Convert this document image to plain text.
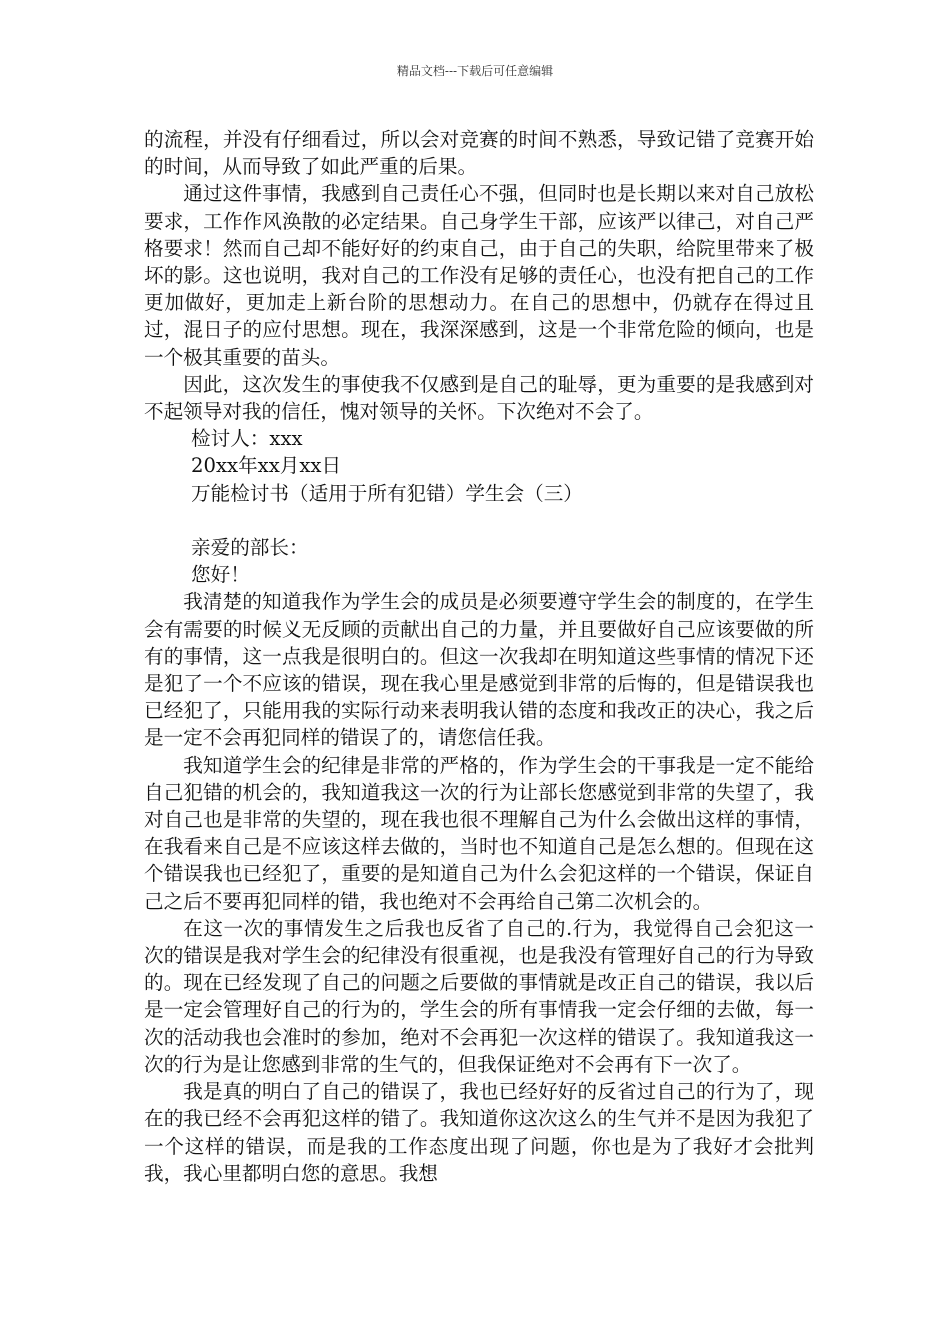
精品文档---下载后可任意编辑

的流程，并没有仔细看过，所以会对竞赛的时间不熟悉，导致记错了竞赛开始的时间，从而导致了如此严重的后果。

通过这件事情，我感到自己责任心不强，但同时也是长期以来对自己放松要求，工作作风涣散的必定结果。自己身学生干部，应该严以律己，对自己严格要求！然而自己却不能好好的约束自己，由于自己的失职，给院里带来了极坏的影。这也说明，我对自己的工作没有足够的责任心，也没有把自己的工作更加做好，更加走上新台阶的思想动力。在自己的思想中，仍就存在得过且过，混日子的应付思想。现在，我深深感到，这是一个非常危险的倾向，也是一个极其重要的苗头。

因此，这次发生的事使我不仅感到是自己的耻辱，更为重要的是我感到对不起领导对我的信任，愧对领导的关怀。下次绝对不会了。

检讨人：xxx

20xx年xx月xx日

万能检讨书（适用于所有犯错）学生会（三）

亲爱的部长：

您好！

我清楚的知道我作为学生会的成员是必须要遵守学生会的制度的，在学生会有需要的时候义无反顾的贡献出自己的力量，并且要做好自己应该要做的所有的事情，这一点我是很明白的。但这一次我却在明知道这些事情的情况下还是犯了一个不应该的错误，现在我心里是感觉到非常的后悔的，但是错误我也已经犯了，只能用我的实际行动来表明我认错的态度和我改正的决心，我之后是一定不会再犯同样的错误了的，请您信任我。

我知道学生会的纪律是非常的严格的，作为学生会的干事我是一定不能给自己犯错的机会的，我知道我这一次的行为让部长您感觉到非常的失望了，我对自己也是非常的失望的，现在我也很不理解自己为什么会做出这样的事情，在我看来自己是不应该这样去做的，当时也不知道自己是怎么想的。但现在这个错误我也已经犯了，重要的是知道自己为什么会犯这样的一个错误，保证自己之后不要再犯同样的错，我也绝对不会再给自己第二次机会的。

在这一次的事情发生之后我也反省了自己的.行为，我觉得自己会犯这一次的错误是我对学生会的纪律没有很重视，也是我没有管理好自己的行为导致的。现在已经发现了自己的问题之后要做的事情就是改正自己的错误，我以后是一定会管理好自己的行为的，学生会的所有事情我一定会仔细的去做，每一次的活动我也会准时的参加，绝对不会再犯一次这样的错误了。我知道我这一次的行为是让您感到非常的生气的，但我保证绝对不会再有下一次了。

我是真的明白了自己的错误了，我也已经好好的反省过自己的行为了，现在的我已经不会再犯这样的错了。我知道你这次这么的生气并不是因为我犯了一个这样的错误，而是我的工作态度出现了问题，你也是为了我好才会批判我，我心里都明白您的意思。我想
